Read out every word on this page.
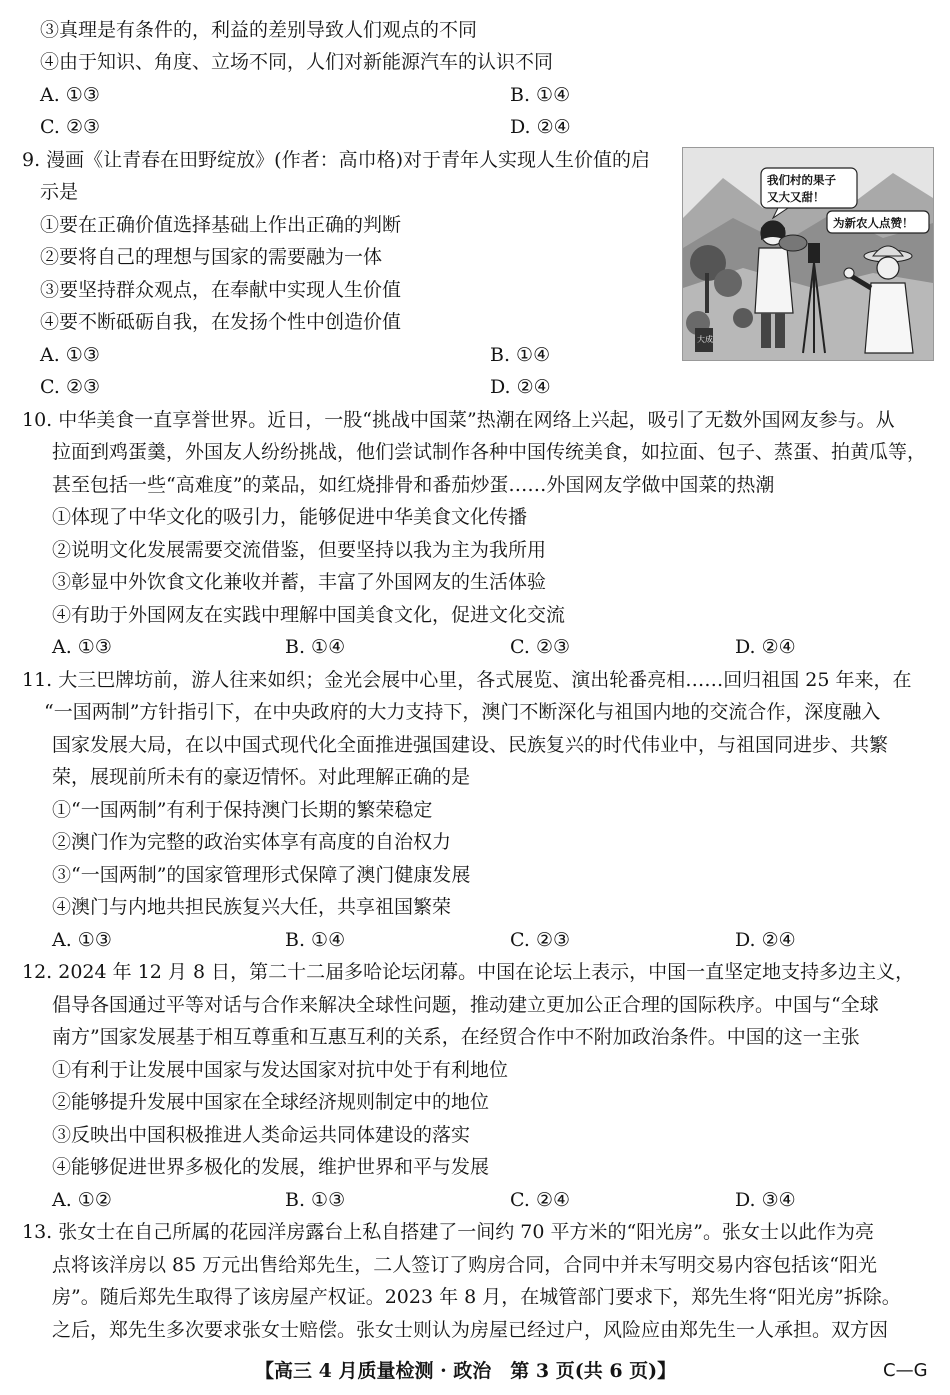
③真理是有条件的，利益的差别导致人们观点的不同
④由于知识、角度、立场不同，人们对新能源汽车的认识不同
A. ①③	B. ①④
C. ②③	D. ②④
9. 漫画《让青春在田野绽放》(作者：高巾格)对于青年人实现人生价值的启
示是
①要在正确价值选择基础上作出正确的判断
②要将自己的理想与国家的需要融为一体
③要坚持群众观点，在奉献中实现人生价值
④要不断砥砺自我，在发扬个性中创造价值
A. ①③	B. ①④
C. ②③	D. ②④
我们村的果子
又大又甜！
为新农人点赞！
大成
10. 中华美食一直享誉世界。近日，一股“挑战中国菜”热潮在网络上兴起，吸引了无数外国网友参与。从
拉面到鸡蛋羹，外国友人纷纷挑战，他们尝试制作各种中国传统美食，如拉面、包子、蒸蛋、拍黄瓜等，
甚至包括一些“高难度”的菜品，如红烧排骨和番茄炒蛋……外国网友学做中国菜的热潮
①体现了中华文化的吸引力，能够促进中华美食文化传播
②说明文化发展需要交流借鉴，但要坚持以我为主为我所用
③彰显中外饮食文化兼收并蓄，丰富了外国网友的生活体验
④有助于外国网友在实践中理解中国美食文化，促进文化交流
A. ①③	B. ①④	C. ②③	D. ②④
11. 大三巴牌坊前，游人往来如织；金光会展中心里，各式展览、演出轮番亮相……回归祖国 25 年来，在
“一国两制”方针指引下，在中央政府的大力支持下，澳门不断深化与祖国内地的交流合作，深度融入
国家发展大局，在以中国式现代化全面推进强国建设、民族复兴的时代伟业中，与祖国同进步、共繁
荣，展现前所未有的豪迈情怀。对此理解正确的是
①“一国两制”有利于保持澳门长期的繁荣稳定
②澳门作为完整的政治实体享有高度的自治权力
③“一国两制”的国家管理形式保障了澳门健康发展
④澳门与内地共担民族复兴大任，共享祖国繁荣
A. ①③	B. ①④	C. ②③	D. ②④
12. 2024 年 12 月 8 日，第二十二届多哈论坛闭幕。中国在论坛上表示，中国一直坚定地支持多边主义，
倡导各国通过平等对话与合作来解决全球性问题，推动建立更加公正合理的国际秩序。中国与“全球
南方”国家发展基于相互尊重和互惠互利的关系，在经贸合作中不附加政治条件。中国的这一主张
①有利于让发展中国家与发达国家对抗中处于有利地位
②能够提升发展中国家在全球经济规则制定中的地位
③反映出中国积极推进人类命运共同体建设的落实
④能够促进世界多极化的发展，维护世界和平与发展
A. ①②	B. ①③	C. ②④	D. ③④
13. 张女士在自己所属的花园洋房露台上私自搭建了一间约 70 平方米的“阳光房”。张女士以此作为亮
点将该洋房以 85 万元出售给郑先生，二人签订了购房合同，合同中并未写明交易内容包括该“阳光
房”。随后郑先生取得了该房屋产权证。2023 年 8 月，在城管部门要求下，郑先生将“阳光房”拆除。
之后，郑先生多次要求张女士赔偿。张女士则认为房屋已经过户，风险应由郑先生一人承担。双方因
【高三 4 月质量检测 · 政治　第 3 页(共 6 页)】	C—G
